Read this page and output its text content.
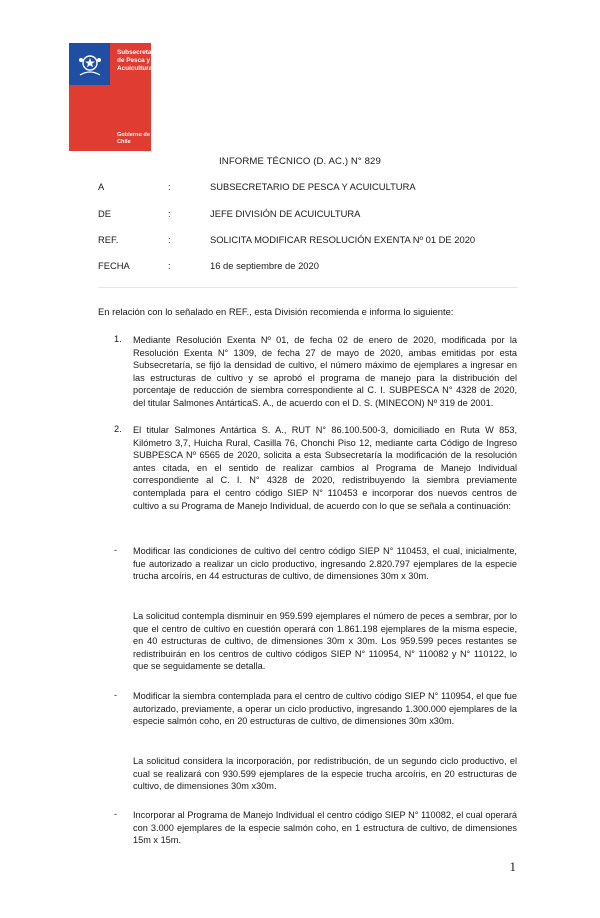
Subsecretaría de Pesca y Acuicultura
Gobierno de Chile
INFORME TÉCNICO (D. AC.) N° 829
A	:	SUBSECRETARIO DE PESCA Y ACUICULTURA
DE	:	JEFE DIVISIÓN DE ACUICULTURA
REF.	:	SOLICITA MODIFICAR RESOLUCIÓN EXENTA Nº 01 DE 2020
FECHA	:	16 de septiembre de 2020
En relación con lo señalado en REF., esta División recomienda e informa lo siguiente:
1. Mediante Resolución Exenta Nº 01, de fecha 02 de enero de 2020, modificada por la Resolución Exenta N° 1309, de fecha 27 de mayo de 2020, ambas emitidas por esta Subsecretaría, se fijó la densidad de cultivo, el número máximo de ejemplares a ingresar en las estructuras de cultivo y se aprobó el programa de manejo para la distribución del porcentaje de reducción de siembra correspondiente al C. I. SUBPESCA N° 4328 de 2020, del titular Salmones AntárticaS. A., de acuerdo con el D. S. (MINECON) Nº 319 de 2001.
2. El titular Salmones Antártica S. A., RUT N° 86.100.500-3, domiciliado en Ruta W 853, Kilómetro 3,7, Huicha Rural, Casilla 76, Chonchi Piso 12, mediante carta Código de Ingreso SUBPESCA Nº 6565 de 2020, solicita a esta Subsecretaría la modificación de la resolución antes citada, en el sentido de realizar cambios al Programa de Manejo Individual correspondiente al C. I. N° 4328 de 2020, redistribuyendo la siembra previamente contemplada para el centro código SIEP N° 110453 e incorporar dos nuevos centros de cultivo a su Programa de Manejo Individual, de acuerdo con lo que se señala a continuación:
- Modificar las condiciones de cultivo del centro código SIEP N° 110453, el cual, inicialmente, fue autorizado a realizar un ciclo productivo, ingresando 2.820.797 ejemplares de la especie trucha arcoíris, en 44 estructuras de cultivo, de dimensiones 30m x 30m.
La solicitud contempla disminuir en 959.599 ejemplares el número de peces a sembrar, por lo que el centro de cultivo en cuestión operará con 1.861.198 ejemplares de la misma especie, en 40 estructuras de cultivo, de dimensiones 30m x 30m. Los 959.599 peces restantes se redistribuirán en los centros de cultivo códigos SIEP N° 110954, N° 110082 y N° 110122, lo que se seguidamente se detalla.
- Modificar la siembra contemplada para el centro de cultivo código SIEP N° 110954, el que fue autorizado, previamente, a operar un ciclo productivo, ingresando 1.300.000 ejemplares de la especie salmón coho, en 20 estructuras de cultivo, de dimensiones 30m x30m.
La solicitud considera la incorporación, por redistribución, de un segundo ciclo productivo, el cual se realizará con 930.599 ejemplares de la especie trucha arcoíris, en 20 estructuras de cultivo, de dimensiones 30m x30m.
- Incorporar al Programa de Manejo Individual el centro código SIEP N° 110082, el cual operará con 3.000 ejemplares de la especie salmón coho, en 1 estructura de cultivo, de dimensiones 15m x 15m.
1
